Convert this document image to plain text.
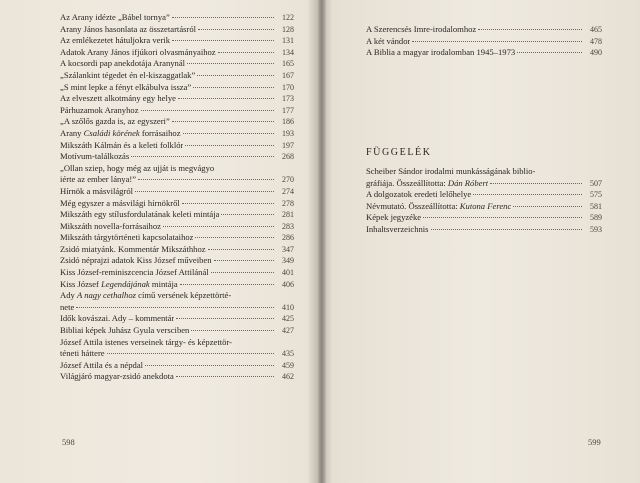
Az Arany idézte „Bábel tornya”	122
Arany János hasonlata az összetartásról	128
Az emlékezetet hátuljokra verik	131
Adatok Arany János ifjúkori olvasmányaihoz	134
A kocsordi pap anekdotája Aranynál	165
„Szálankint tégedet én el-kiszaggatlak”	167
„S mint lepke a fényt elkábulva issza”	170
Az elveszett alkotmány egy helye	173
Párhuzamok Aranyhoz	177
„A szőlős gazda is, az egyszeri”	186
Arany Családi körének forrásaihoz	193
Mikszáth Kálmán és a keleti folklór	197
Motívum-találkozás	268
„Ollan sziep, hogy még az ujját is megvágyo
iérte az ember lánya!”	270
Hírnök a másvilágról	274
Még egyszer a másvilági hírnökről	278
Mikszáth egy stílusfordulatának keleti mintája	281
Mikszáth novella-forrásaihoz	283
Mikszáth tárgytörténeti kapcsolataihoz	286
Zsidó miatyánk. Kommentár Mikszáthhoz	347
Zsidó néprajzi adatok Kiss József műveiben	349
Kiss József-reminiszcencia József Attilánál	401
Kiss József Legendájának mintája	406
Ady A nagy cethalhoz című versének képzettörté-
nete	410
Idők kovászai. Ady – kommentár	425
Bibliai képek Juhász Gyula versciben	427
József Attila istenes verseinek tárgy- és képzettör-
téneti háttere	435
József Attila és a népdal	459
Világjáró magyar-zsidó anekdota	462
598
A Szerencsés Imre-irodalomhoz	465
A két vándor	478
A Biblia a magyar irodalomban 1945–1973	490
FÜGGELÉK
Scheiber Sándor irodalmi munkásságának biblio-
gráfiája. Összeállította: Dán Róbert	507
A dolgozatok eredeti lelőhelye	575
Névmutató. Összeállította: Kutona Ferenc	581
Képek jegyzéke	589
Inhaltsverzeichnis	593
599
